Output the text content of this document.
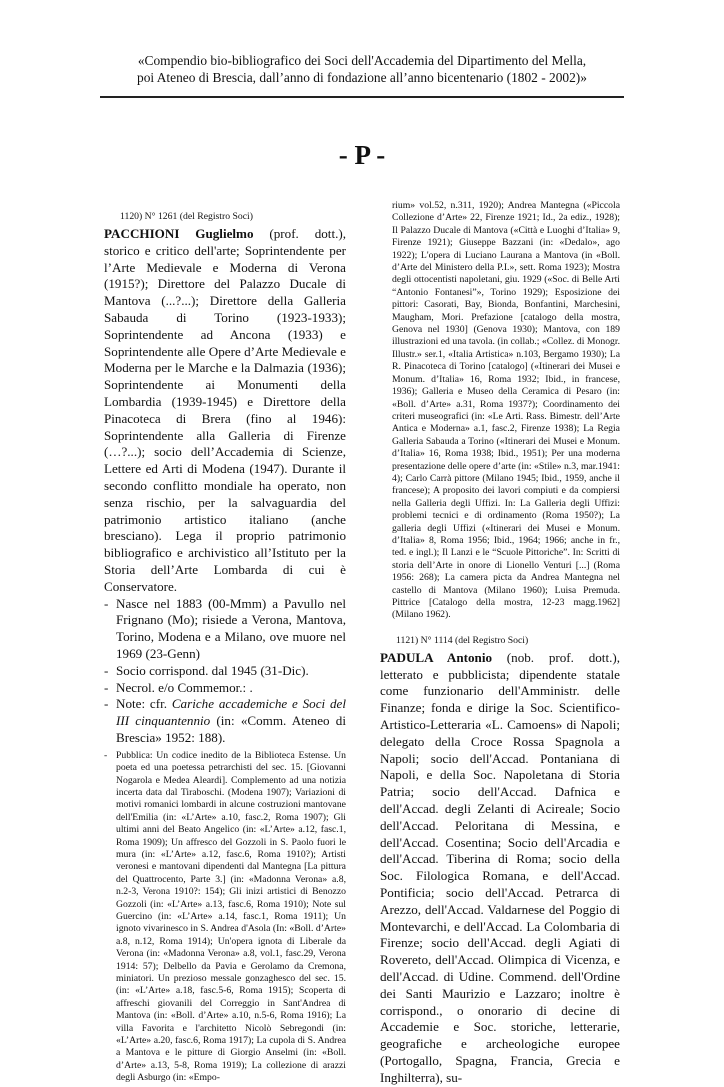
«Compendio bio-bibliografico dei Soci dell'Accademia del Dipartimento del Mella,
poi Ateneo di Brescia, dall’anno di fondazione all’anno bicentenario (1802 - 2002)»
- P -

1120) N° 1261 (del Registro Soci)

PACCHIONI Guglielmo (prof. dott.), storico e critico dell'arte; Soprintendente per l’Arte Medievale e Moderna di Verona (1915?); Direttore del Palazzo Ducale di Mantova (...?...); Direttore della Galleria Sabauda di Torino (1923-1933); Soprintendente ad Ancona (1933) e Soprintendente alle Opere d’Arte Medievale e Moderna per le Marche e la Dalmazia (1936); Soprintendente ai Monumenti della Lombardia (1939-1945) e Direttore della Pinacoteca di Brera (fino al 1946): Soprintendente alla Galleria di Firenze (…?...); socio dell’Accademia di Scienze, Lettere ed Arti di Modena (1947). Durante il secondo conflitto mondiale ha operato, non senza rischio, per la salvaguardia del patrimonio artistico italiano (anche bresciano). Lega il proprio patrimonio bibliografico e archivistico all’Istituto per la Storia dell’Arte Lombarda di cui è Conservatore.

- Nasce nel 1883 (00-Mmm) a Pavullo nel Frignano (Mo); risiede a Verona, Mantova, Torino, Modena e a Milano, ove muore nel 1969 (23-Genn)
- Socio corrispond. dal 1945 (31-Dic).
- Necrol. e/o Commemor.: .
- Note: cfr. Cariche accademiche e Soci del III cinquantennio (in: «Comm. Ateneo di Brescia» 1952: 188).
- Pubblica: Un codice inedito de la Biblioteca Estense. Un poeta ed una poetessa petrarchisti del sec. 15. [Giovanni Nogarola e Medea Aleardi]. Complemento ad una notizia incerta data dal Tiraboschi. (Modena 1907); Variazioni di motivi romanici lombardi in alcune costruzioni mantovane dell'Emilia (in: «L’Arte» a.10, fasc.2, Roma 1907); Gli ultimi anni del Beato Angelico (in: «L’Arte» a.12, fasc.1, Roma 1909); Un affresco del Gozzoli in S. Paolo fuori le mura (in: «L’Arte» a.12, fasc.6, Roma 1910?); Artisti veronesi e mantovani dipendenti dal Mantegna [La pittura del Quattrocento, Parte 3.] (in: «Madonna Verona» a.8, n.2-3, Verona 1910?: 154); Gli inizi artistici di Benozzo Gozzoli (in: «L’Arte» a.13, fasc.6, Roma 1910); Note sul Guercino (in: «L’Arte» a.14, fasc.1, Roma 1911); Un ignoto vivarinesco in S. Andrea d'Asola (In: «Boll. d’Arte» a.8, n.12, Roma 1914); Un'opera ignota di Liberale da Verona (in: «Madonna Verona» a.8, vol.1, fasc.29, Verona 1914: 57); Delbello da Pavia e Gerolamo da Cremona, miniatori. Un prezioso messale gonzaghesco del sec. 15. (in: «L’Arte» a.18, fasc.5-6, Roma 1915); Scoperta di affreschi giovanili del Correggio in Sant'Andrea di Mantova (in: «Boll. d’Arte» a.10, n.5-6, Roma 1916); La villa Favorita e l'architetto Nicolò Sebregondi (in: «L’Arte» a.20, fasc.6, Roma 1917); La cupola di S. Andrea a Mantova e le pitture di Giorgio Anselmi (in: «Boll. d’Arte» a.13, 5-8, Roma 1919); La collezione di arazzi degli Asburgo (in: «Empo-

rium» vol.52, n.311, 1920); Andrea Mantegna («Piccola Collezione d’Arte» 22, Firenze 1921; Id., 2a ediz., 1928); Il Palazzo Ducale di Mantova («Città e Luoghi d’Italia» 9, Firenze 1921); Giuseppe Bazzani (in: «Dedalo», ago 1922); L'opera di Luciano Laurana a Mantova (in «Boll. d’Arte del Ministero della P.I.», sett. Roma 1923); Mostra degli ottocentisti napoletani, giu. 1929 («Soc. di Belle Arti “Antonio Fontanesi”», Torino 1929); Esposizione dei pittori: Casorati, Bay, Bionda, Bonfantini, Marchesini, Maugham, Mori. Prefazione [catalogo della mostra, Genova nel 1930] (Genova 1930); Mantova, con 189 illustrazioni ed una tavola. (in collab.; «Collez. di Monogr. Illustr.» ser.1, «Italia Artistica» n.103, Bergamo 1930); La R. Pinacoteca di Torino [catalogo] («Itinerari dei Musei e Monum. d’Italia» 16, Roma 1932; Ibid., in francese, 1936); Galleria e Museo della Ceramica di Pesaro (in: «Boll. d’Arte» a.31, Roma 1937?); Coordinamento dei criteri museografici (in: «Le Arti. Rass. Bimestr. dell’Arte Antica e Moderna» a.1, fasc.2, Firenze 1938); La Regia Galleria Sabauda a Torino («Itinerari dei Musei e Monum. d’Italia» 16, Roma 1938; Ibid., 1951); Per una moderna presentazione delle opere d’arte (in: «Stile» n.3, mar.1941: 4); Carlo Carrà pittore (Milano 1945; Ibid., 1959, anche il francese); A proposito dei lavori compiuti e da compiersi nella Galleria degli Uffizi. In: La Galleria degli Uffizi: problemi tecnici e di ordinamento (Roma 1950?); La galleria degli Uffizi («Itinerari dei Musei e Monum. d’Italia» 8, Roma 1956; Ibid., 1964; 1966; anche in fr., ted. e ingl.); Il Lanzi e le “Scuole Pittoriche”. In: Scritti di storia dell’Arte in onore di Lionello Venturi [...] (Roma 1956: 268); La camera picta da Andrea Mantegna nel castello di Mantova (Milano 1960); Luisa Premuda. Pittrice [Catalogo della mostra, 12-23 magg.1962] (Milano 1962).

1121) N° 1114 (del Registro Soci)

PADULA Antonio (nob. prof. dott.), letterato e pubblicista; dipendente statale come funzionario dell'Amministr. delle Finanze; fonda e dirige la Soc. Scientifico-Artistico-Letteraria «L. Camoens» di Napoli; delegato della Croce Rossa Spagnola a Napoli; socio dell'Accad. Pontaniana di Napoli, e della Soc. Napoletana di Storia Patria; socio dell'Accad. Dafnica e dell'Accad. degli Zelanti di Acireale; Socio dell'Accad. Peloritana di Messina, e dell'Accad. Cosentina; Socio dell'Arcadia e dell'Accad. Tiberina di Roma; socio della Soc. Filologica Romana, e dell'Accad. Pontificia; socio dell'Accad. Petrarca di Arezzo, dell'Accad. Valdarnese del Poggio di Montevarchi, e dell'Accad. La Colombaria di Firenze; socio dell'Accad. degli Agiati di Rovereto, dell'Accad. Olimpica di Vicenza, e dell'Accad. di Udine. Commend. dell'Ordine dei Santi Maurizio e Lazzaro; inoltre è corrispond., o onorario di decine di Accademie e Soc. storiche, letterarie, geografiche e archeologiche europee (Portogallo, Spagna, Francia, Grecia e Inghilterra), su-
